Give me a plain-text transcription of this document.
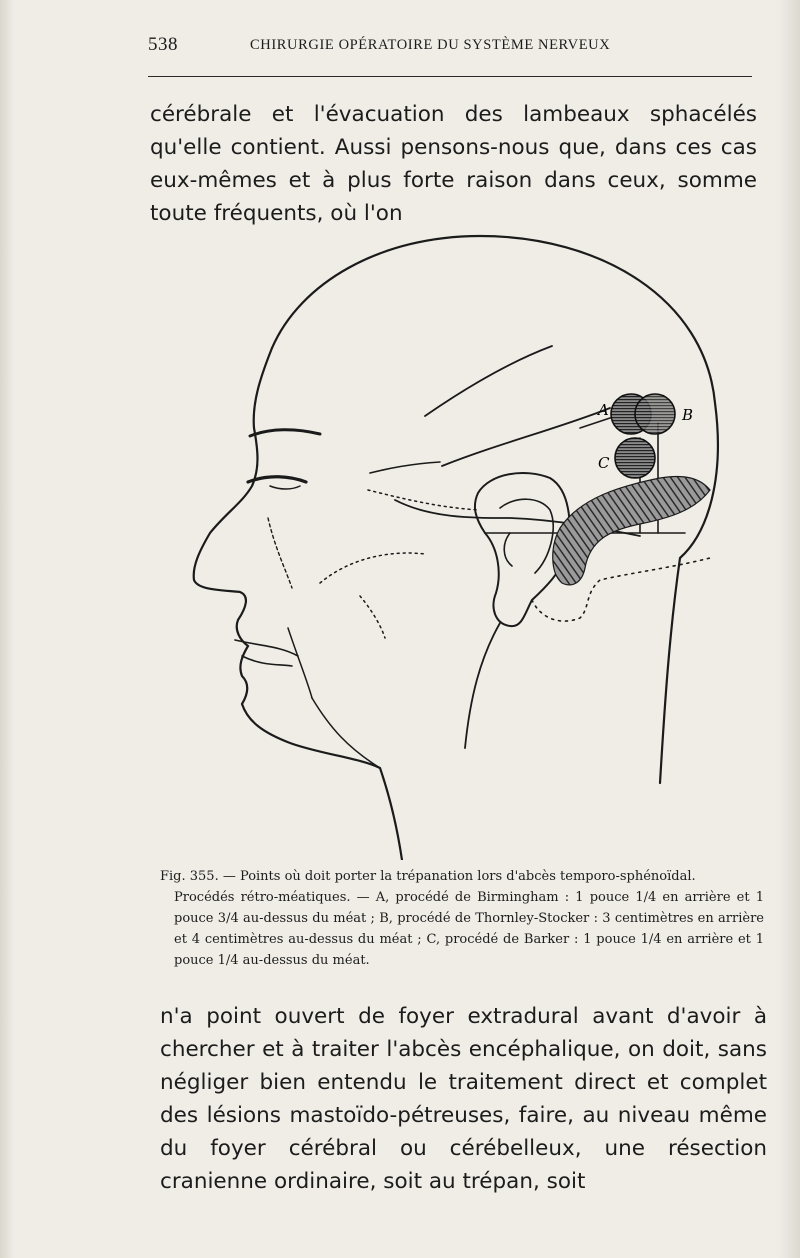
538	CHIRURGIE OPÉRATOIRE DU SYSTÈME NERVEUX

cérébrale et l'évacuation des lambeaux sphacélés qu'elle contient. Aussi pensons-nous que, dans ces cas eux-mêmes et à plus forte raison dans ceux, somme toute fréquents, où l'on

A	B
C

Fig. 355. — Points où doit porter la trépanation lors d'abcès temporo-sphénoïdal.
Procédés rétro-méatiques. — A, procédé de Birmingham : 1 pouce 1/4 en arrière et 1 pouce 3/4 au-dessus du méat ; B, procédé de Thornley-Stocker : 3 centimètres en arrière et 4 centimètres au-dessus du méat ; C, procédé de Barker : 1 pouce 1/4 en arrière et 1 pouce 1/4 au-dessus du méat.

n'a point ouvert de foyer extradural avant d'avoir à chercher et à traiter l'abcès encéphalique, on doit, sans négliger bien entendu le traitement direct et complet des lésions mastoïdo-pétreuses, faire, au niveau même du foyer cérébral ou cérébelleux, une résection cranienne ordinaire, soit au trépan, soit
